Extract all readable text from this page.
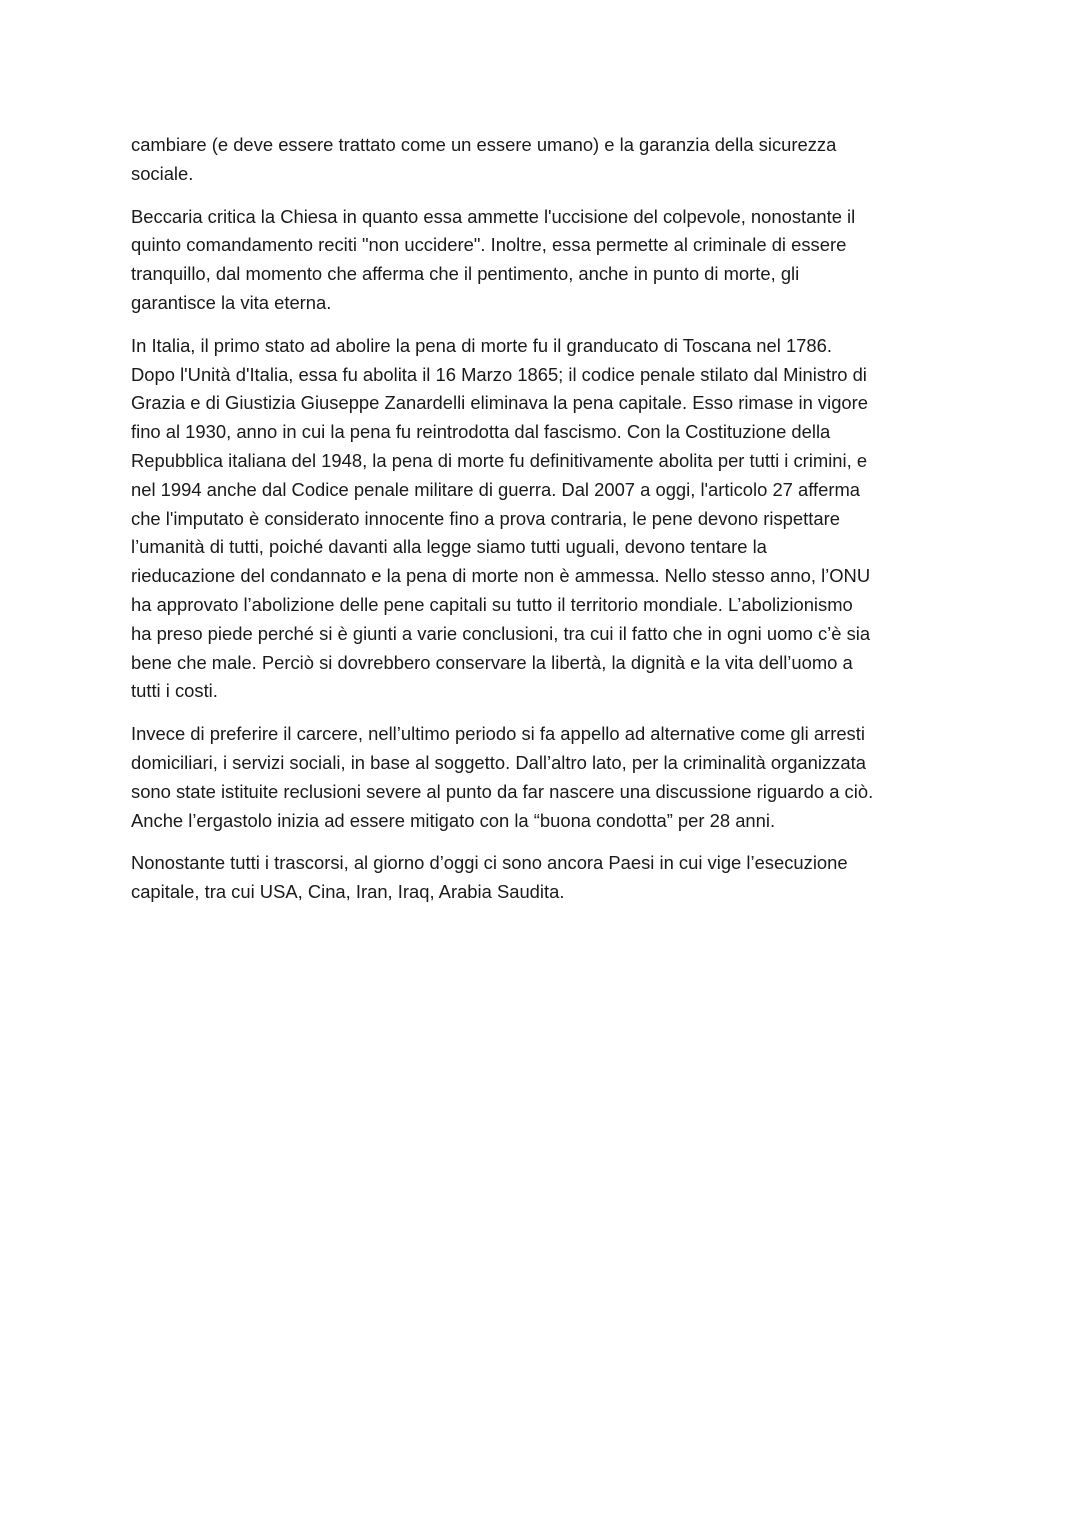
cambiare (e deve essere trattato come un essere umano) e la garanzia della sicurezza
sociale.

Beccaria critica la Chiesa in quanto essa ammette l'uccisione del colpevole, nonostante il
quinto comandamento reciti "non uccidere". Inoltre, essa permette al criminale di essere
tranquillo, dal momento che afferma che il pentimento, anche in punto di morte, gli
garantisce la vita eterna.

In Italia, il primo stato ad abolire la pena di morte fu il granducato di Toscana nel 1786.
Dopo l'Unità d'Italia, essa fu abolita il 16 Marzo 1865; il codice penale stilato dal Ministro di
Grazia e di Giustizia Giuseppe Zanardelli eliminava la pena capitale. Esso rimase in vigore
fino al 1930, anno in cui la pena fu reintrodotta dal fascismo. Con la Costituzione della
Repubblica italiana del 1948, la pena di morte fu definitivamente abolita per tutti i crimini, e
nel 1994 anche dal Codice penale militare di guerra. Dal 2007 a oggi, l'articolo 27 afferma
che l'imputato è considerato innocente fino a prova contraria, le pene devono rispettare
l’umanità di tutti, poiché davanti alla legge siamo tutti uguali, devono tentare la
rieducazione del condannato e la pena di morte non è ammessa. Nello stesso anno, l’ONU
ha approvato l’abolizione delle pene capitali su tutto il territorio mondiale. L’abolizionismo
ha preso piede perché si è giunti a varie conclusioni, tra cui il fatto che in ogni uomo c’è sia
bene che male. Perciò si dovrebbero conservare la libertà, la dignità e la vita dell’uomo a
tutti i costi.

Invece di preferire il carcere, nell’ultimo periodo si fa appello ad alternative come gli arresti
domiciliari, i servizi sociali, in base al soggetto. Dall’altro lato, per la criminalità organizzata
sono state istituite reclusioni severe al punto da far nascere una discussione riguardo a ciò.
Anche l’ergastolo inizia ad essere mitigato con la “buona condotta” per 28 anni.

Nonostante tutti i trascorsi, al giorno d’oggi ci sono ancora Paesi in cui vige l’esecuzione
capitale, tra cui USA, Cina, Iran, Iraq, Arabia Saudita.
